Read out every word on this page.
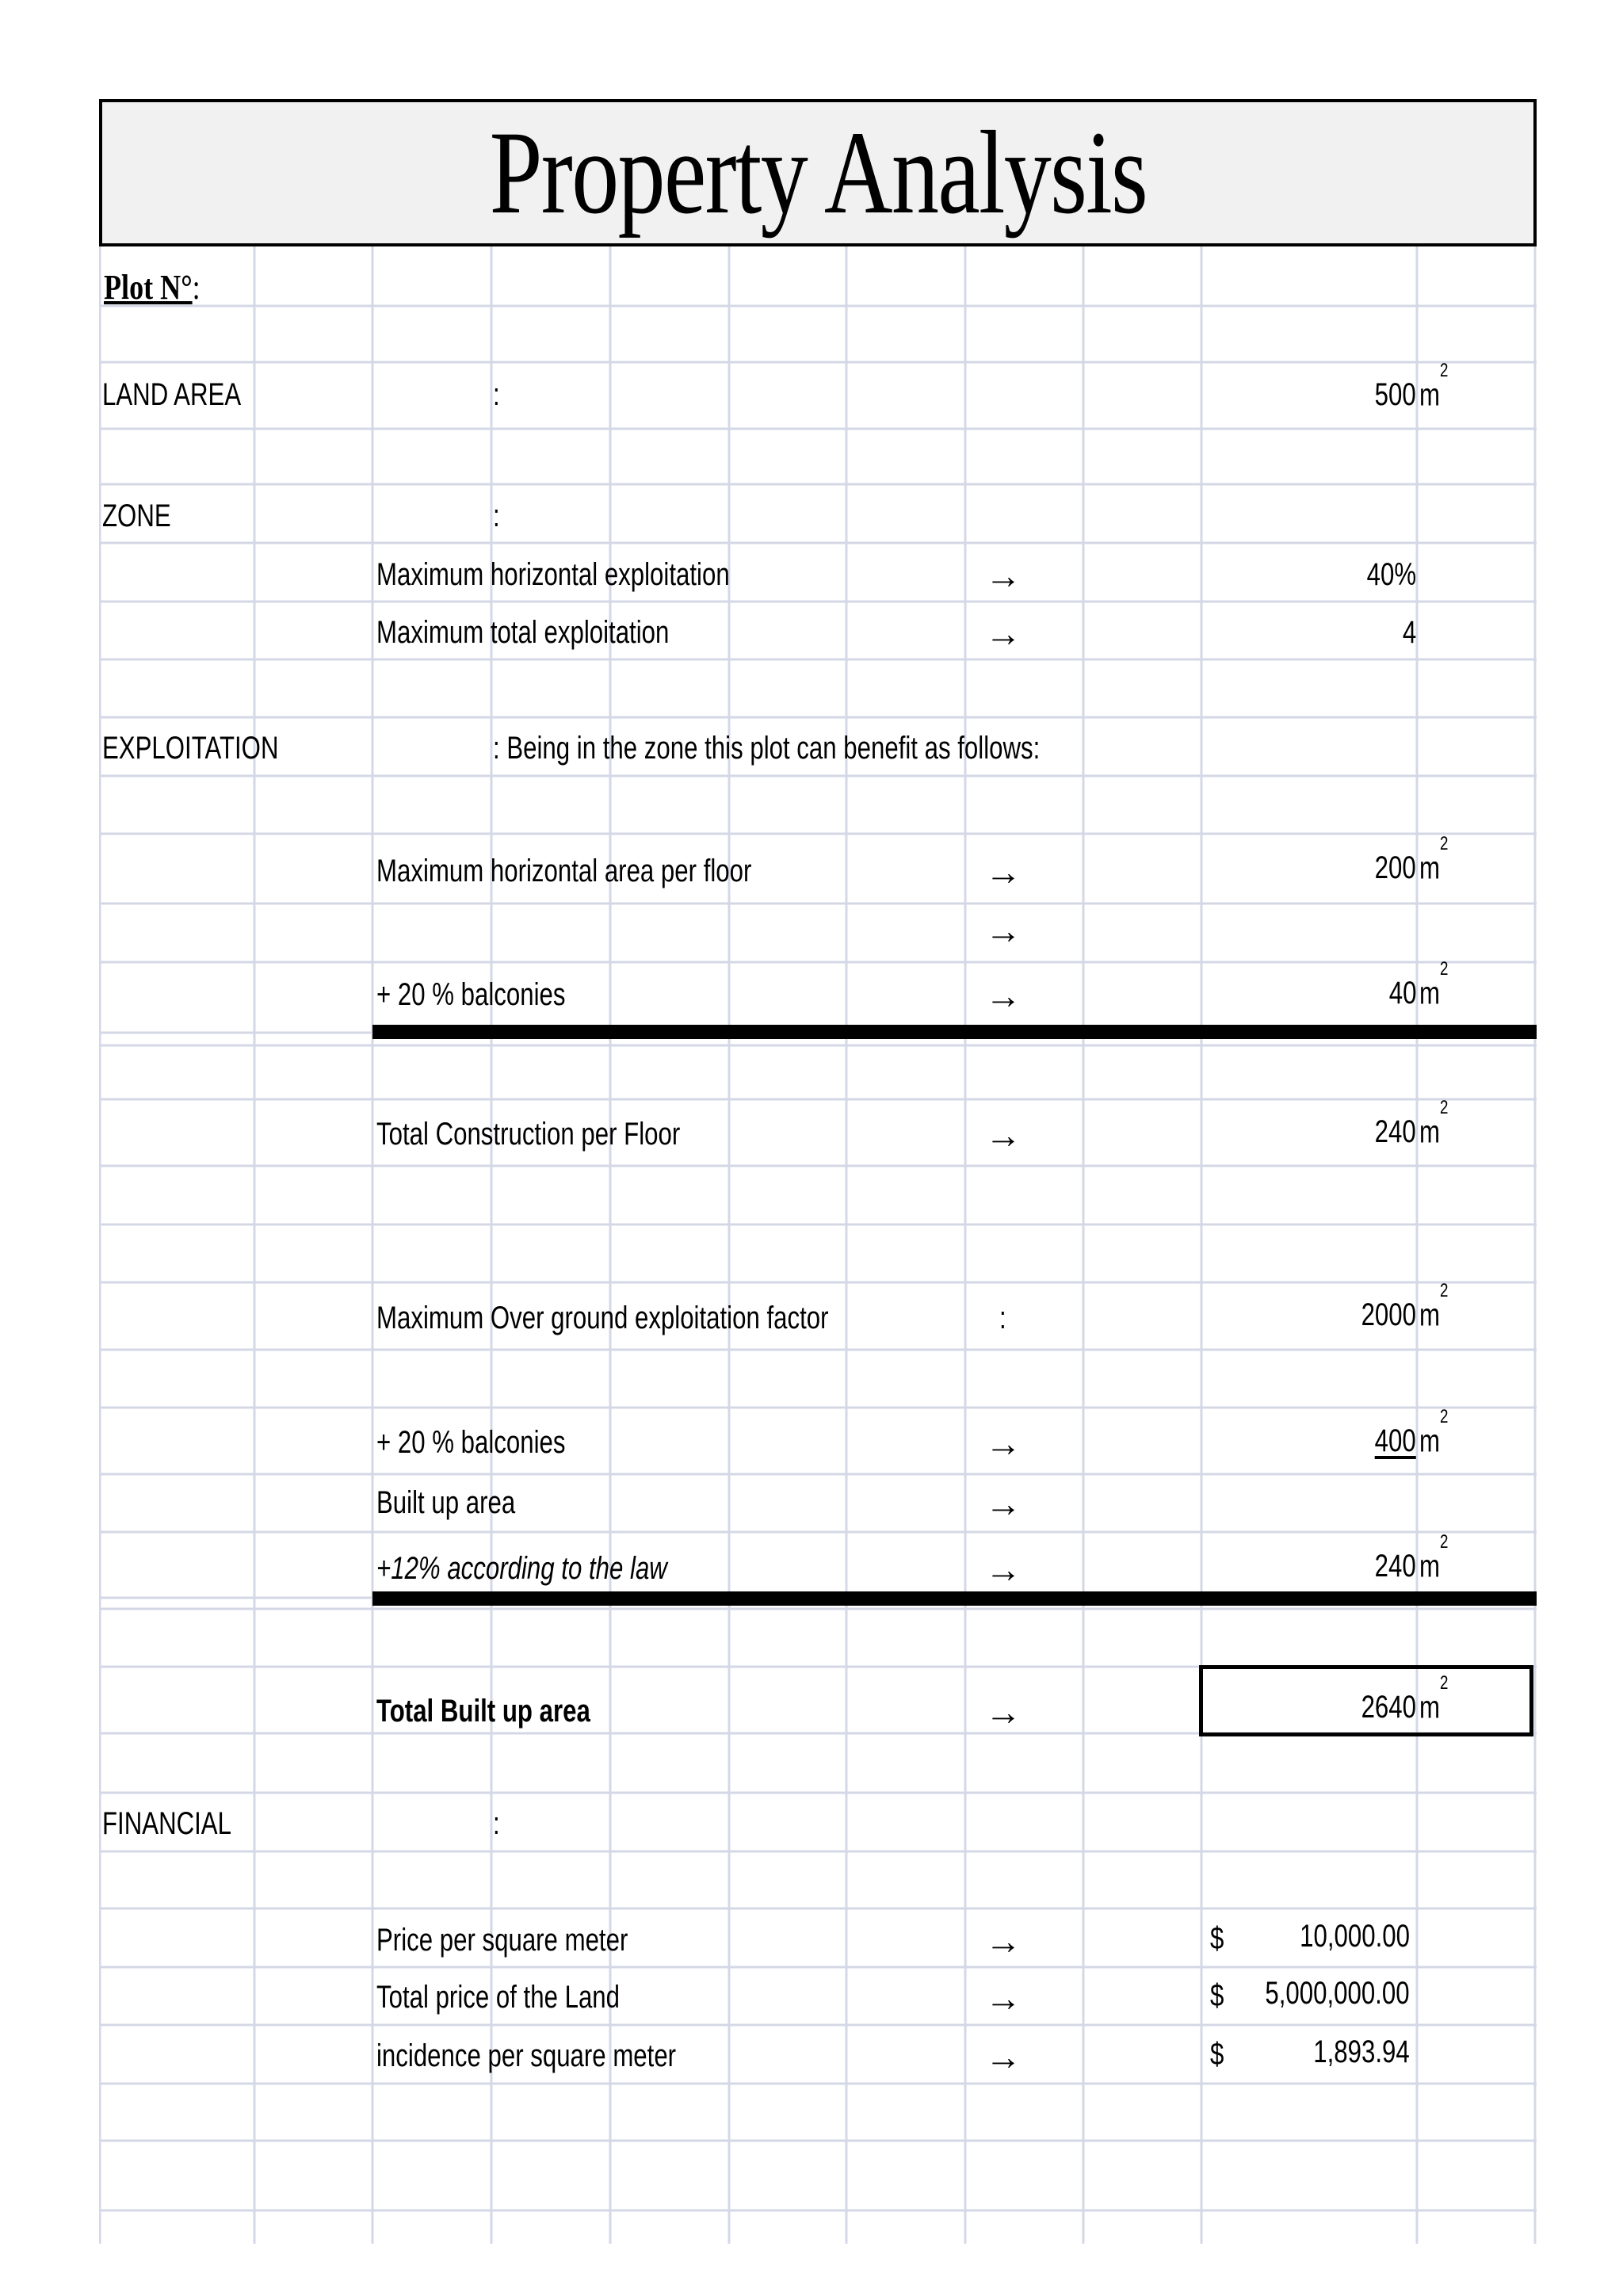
Property Analysis
Plot N°:
LAND AREA	:	500 $m^2$
ZONE	:
Maximum horizontal exploitation	→	40%
Maximum total exploitation	→	4
EXPLOITATION	: Being in the zone this plot can benefit as follows:
Maximum horizontal area per floor	→	200 $m^2$
→
+ 20 % balconies	→	40 $m^2$
Total Construction per Floor	→	240 $m^2$
Maximum Over ground exploitation factor	:	2000 $m^2$
+ 20 % balconies	→	400 $m^2$
Built up area	→
+12% according to the law	→	240 $m^2$
Total Built up area	→	2640 $m^2$
FINANCIAL	:
Price per square meter	→	$ 10,000.00
Total price of the Land	→	$ 5,000,000.00
incidence per square meter	→	$	1,893.94
